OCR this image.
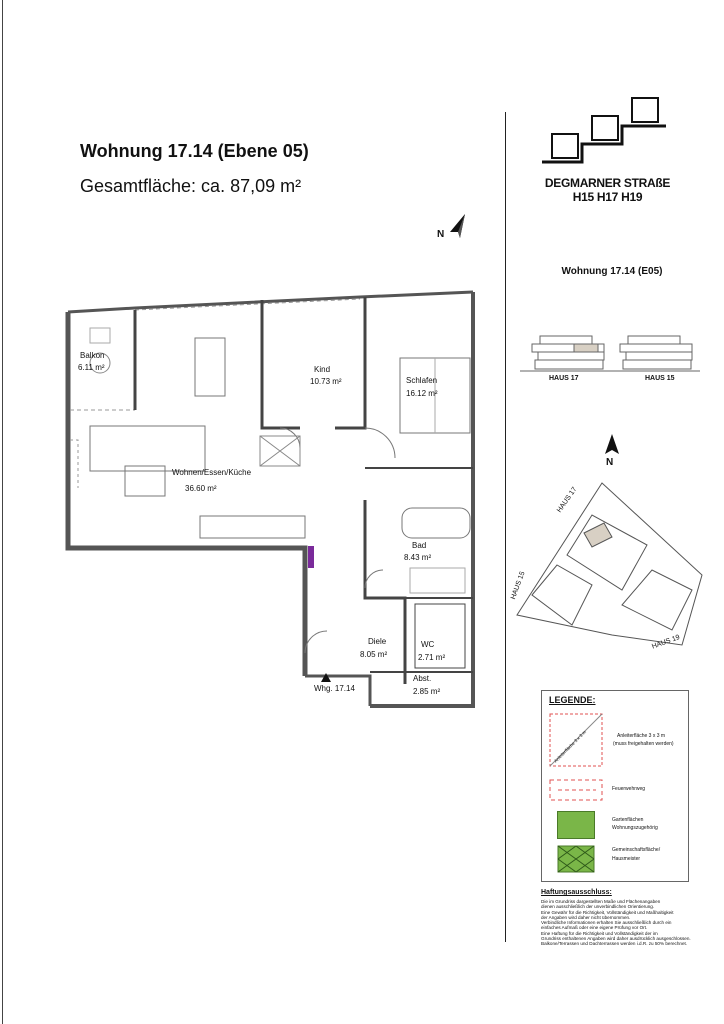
Wohnung 17.14 (Ebene 05)
Gesamtfläche: ca. 87,09 m²
N
Balkon
6.11 m²	Kind
10.73 m²	Schlafen
16.12 m²
Wohnen/Essen/Küche
36.60 m²
Bad
8.43 m²
Diele
8.05 m²
WC
2.71 m²
Abst.
2.85 m²
Whg. 17.14
DEGMARNER STRAßE
H15 H17 H19
Wohnung 17.14 (E05)
HAUS 17	HAUS 15
N
HAUS 17
HAUS 15
HAUS 19
LEGENDE:
Anleiterfläche 3 x 3 m	Anleiterfläche 3 x 3 m
(muss freigehalten werden)
Feuerwehrweg
Gartenflächen
Wohnungszugehörig
Gemeinschaftsfläche/
Hausmeister
Haftungsausschluss:
Die im Grundriss dargestellten Maße und Flächenangaben
dienen ausschließlich der unverbindlichen Orientierung.
Eine Gewähr für die Richtigkeit, Vollständigkeit und Maßhaltigkeit
der Angaben wird daher nicht übernommen.
Verbindliche Informationen erhalten Sie ausschließlich durch ein
einfaches Aufmaß oder eine eigene Prüfung vor Ort.
Eine Haftung für die Richtigkeit und Vollständigkeit der im
Grundriss enthaltenen Angaben wird daher ausdrücklich ausgeschlossen.
Balkone/Terrassen und Dachterrassen werden i.d.R. zu 50% berechnet.
